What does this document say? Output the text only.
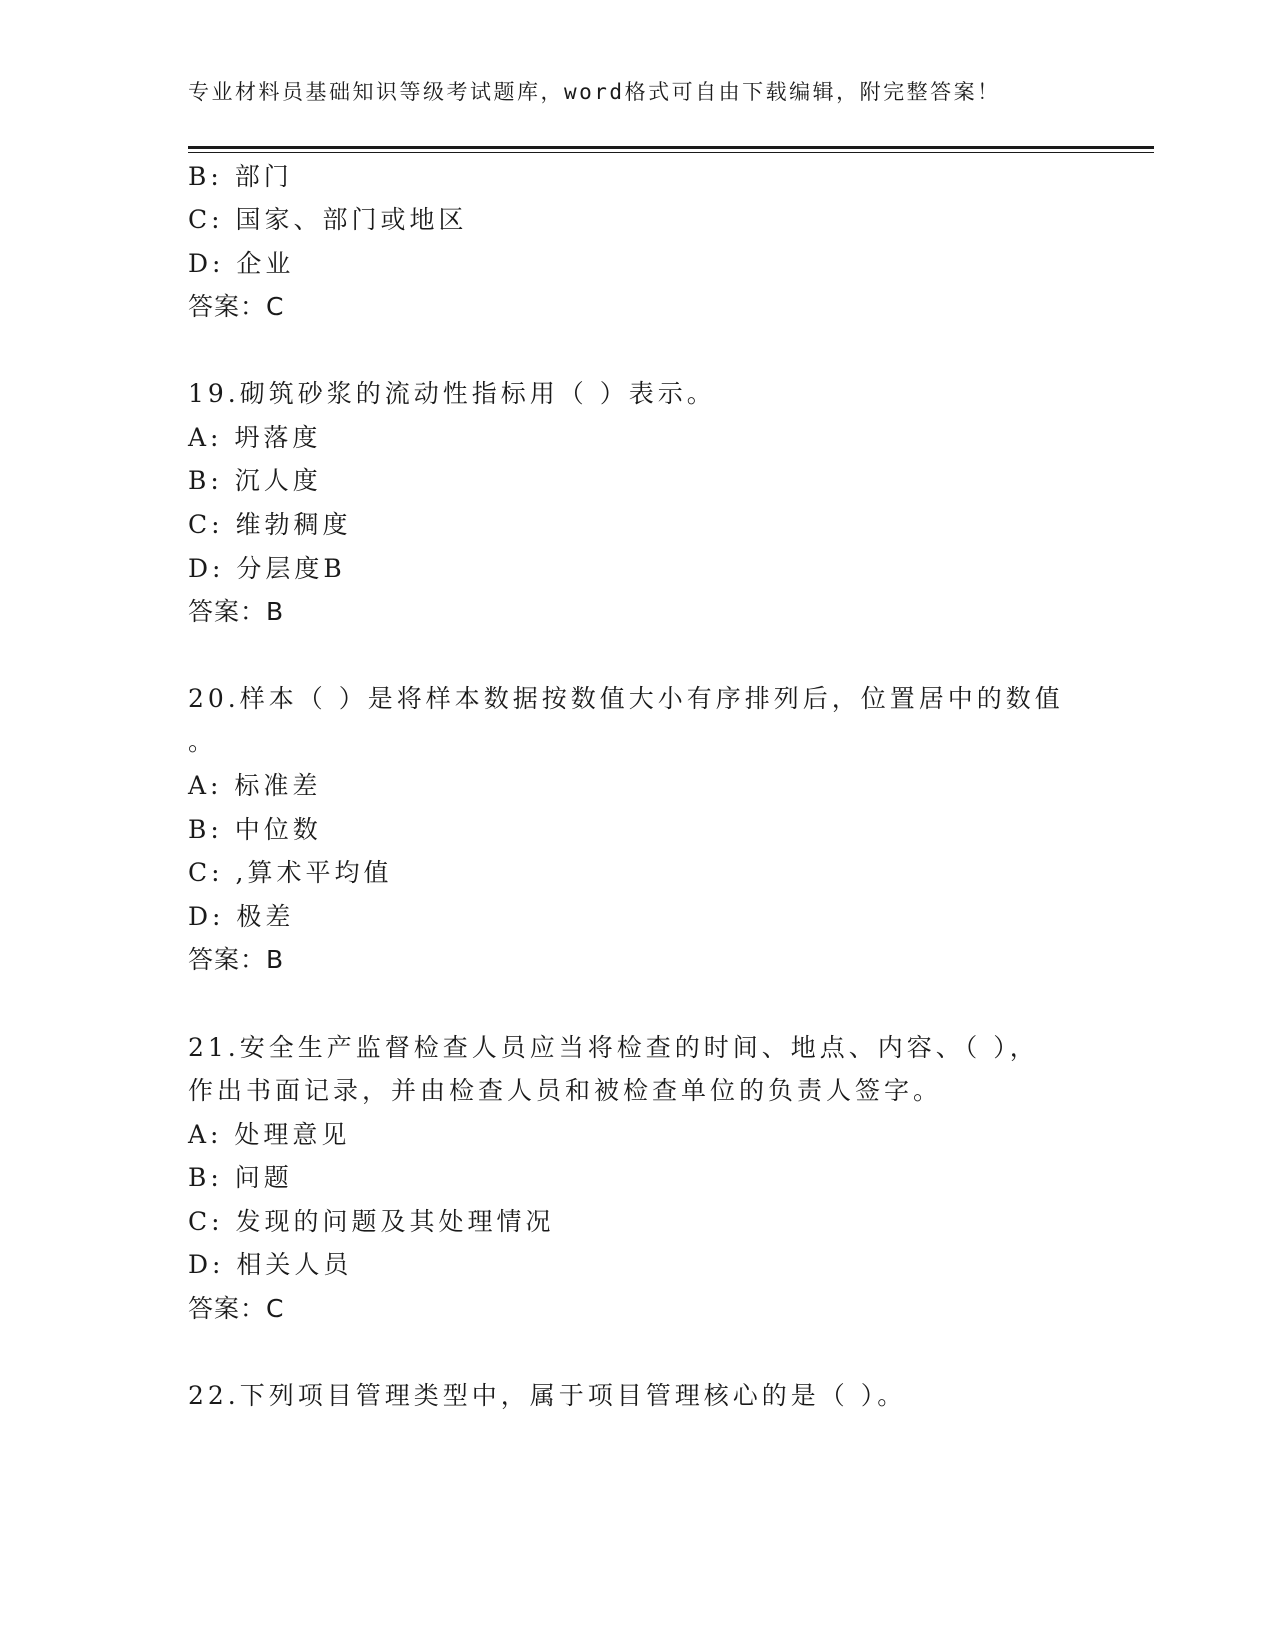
专业材料员基础知识等级考试题库，word格式可自由下载编辑，附完整答案！
B: 部门
C: 国家、部门或地区
D: 企业
答案：C
19.砌筑砂浆的流动性指标用（ ）表示。
A: 坍落度
B: 沉人度
C: 维勃稠度
D: 分层度B
答案：B
20.样本（ ）是将样本数据按数值大小有序排列后，位置居中的数值
。
A: 标准差
B: 中位数
C: ,算术平均值
D: 极差
答案：B
21.安全生产监督检查人员应当将检查的时间、地点、内容、（ ），
作出书面记录，并由检查人员和被检查单位的负责人签字。
A: 处理意见
B: 问题
C: 发现的问题及其处理情况
D: 相关人员
答案：C
22.下列项目管理类型中，属于项目管理核心的是（ ）。
